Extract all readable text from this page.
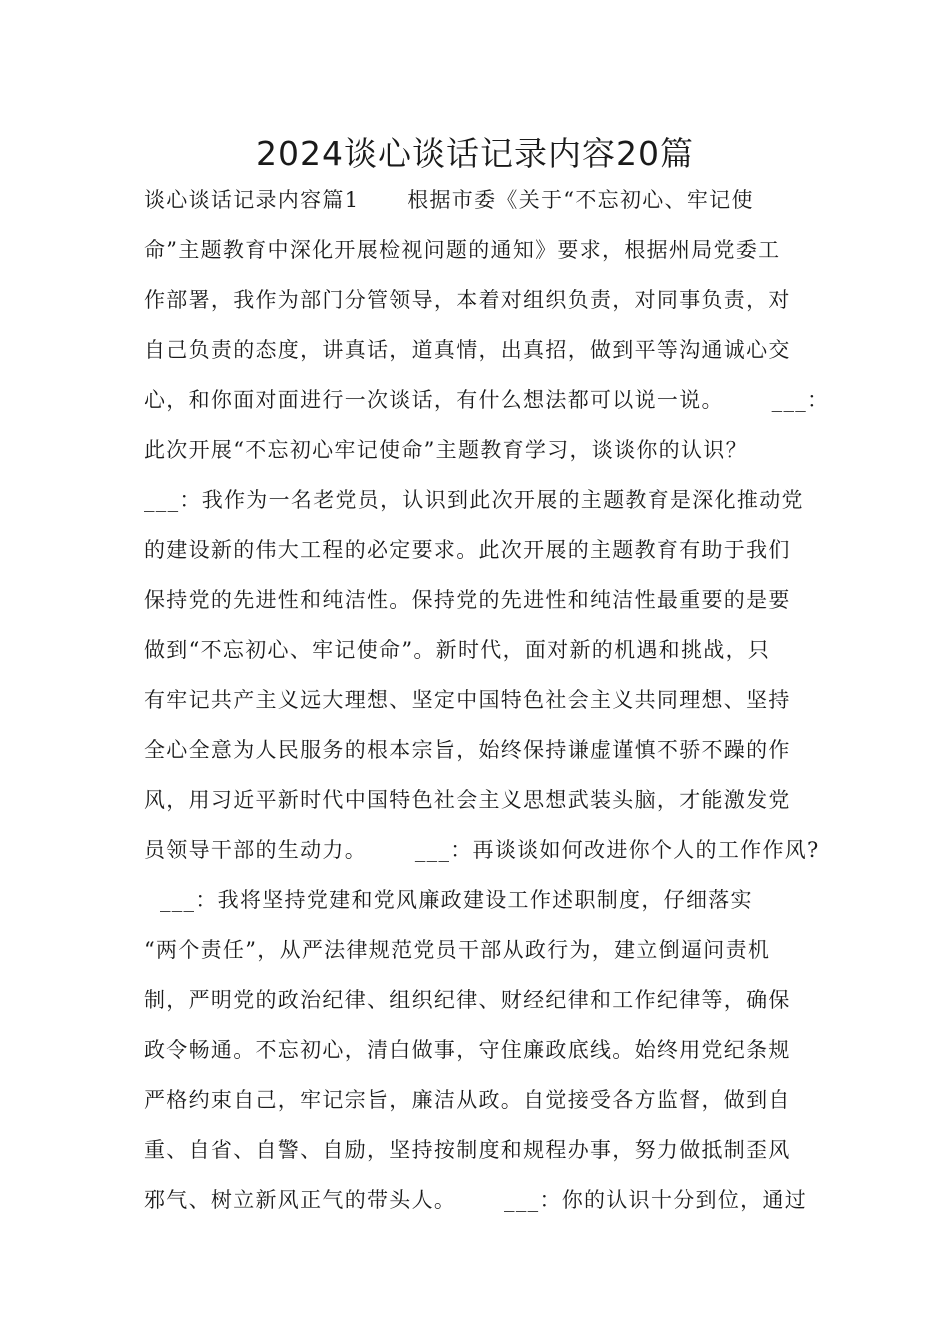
2024谈心谈话记录内容20篇
谈心谈话记录内容篇1      根据市委《关于“不忘初心、牢记使
命”主题教育中深化开展检视问题的通知》要求，根据州局党委工
作部署，我作为部门分管领导，本着对组织负责，对同事负责，对
自己负责的态度，讲真话，道真情，出真招，做到平等沟通诚心交
心，和你面对面进行一次谈话，有什么想法都可以说一说。      ___：
此次开展“不忘初心牢记使命”主题教育学习，谈谈你的认识？
___：我作为一名老党员，认识到此次开展的主题教育是深化推动党
的建设新的伟大工程的必定要求。此次开展的主题教育有助于我们
保持党的先进性和纯洁性。保持党的先进性和纯洁性最重要的是要
做到“不忘初心、牢记使命”。新时代，面对新的机遇和挑战，只
有牢记共产主义远大理想、坚定中国特色社会主义共同理想、坚持
全心全意为人民服务的根本宗旨，始终保持谦虚谨慎不骄不躁的作
风，用习近平新时代中国特色社会主义思想武装头脑，才能激发党
员领导干部的生动力。      ___：再谈谈如何改进你个人的工作作风?
___：我将坚持党建和党风廉政建设工作述职制度，仔细落实
“两个责任”，从严法律规范党员干部从政行为，建立倒逼问责机
制，严明党的政治纪律、组织纪律、财经纪律和工作纪律等，确保
政令畅通。不忘初心，清白做事，守住廉政底线。始终用党纪条规
严格约束自己，牢记宗旨，廉洁从政。自觉接受各方监督，做到自
重、自省、自警、自励，坚持按制度和规程办事，努力做抵制歪风
邪气、树立新风正气的带头人。      ___：你的认识十分到位，通过
